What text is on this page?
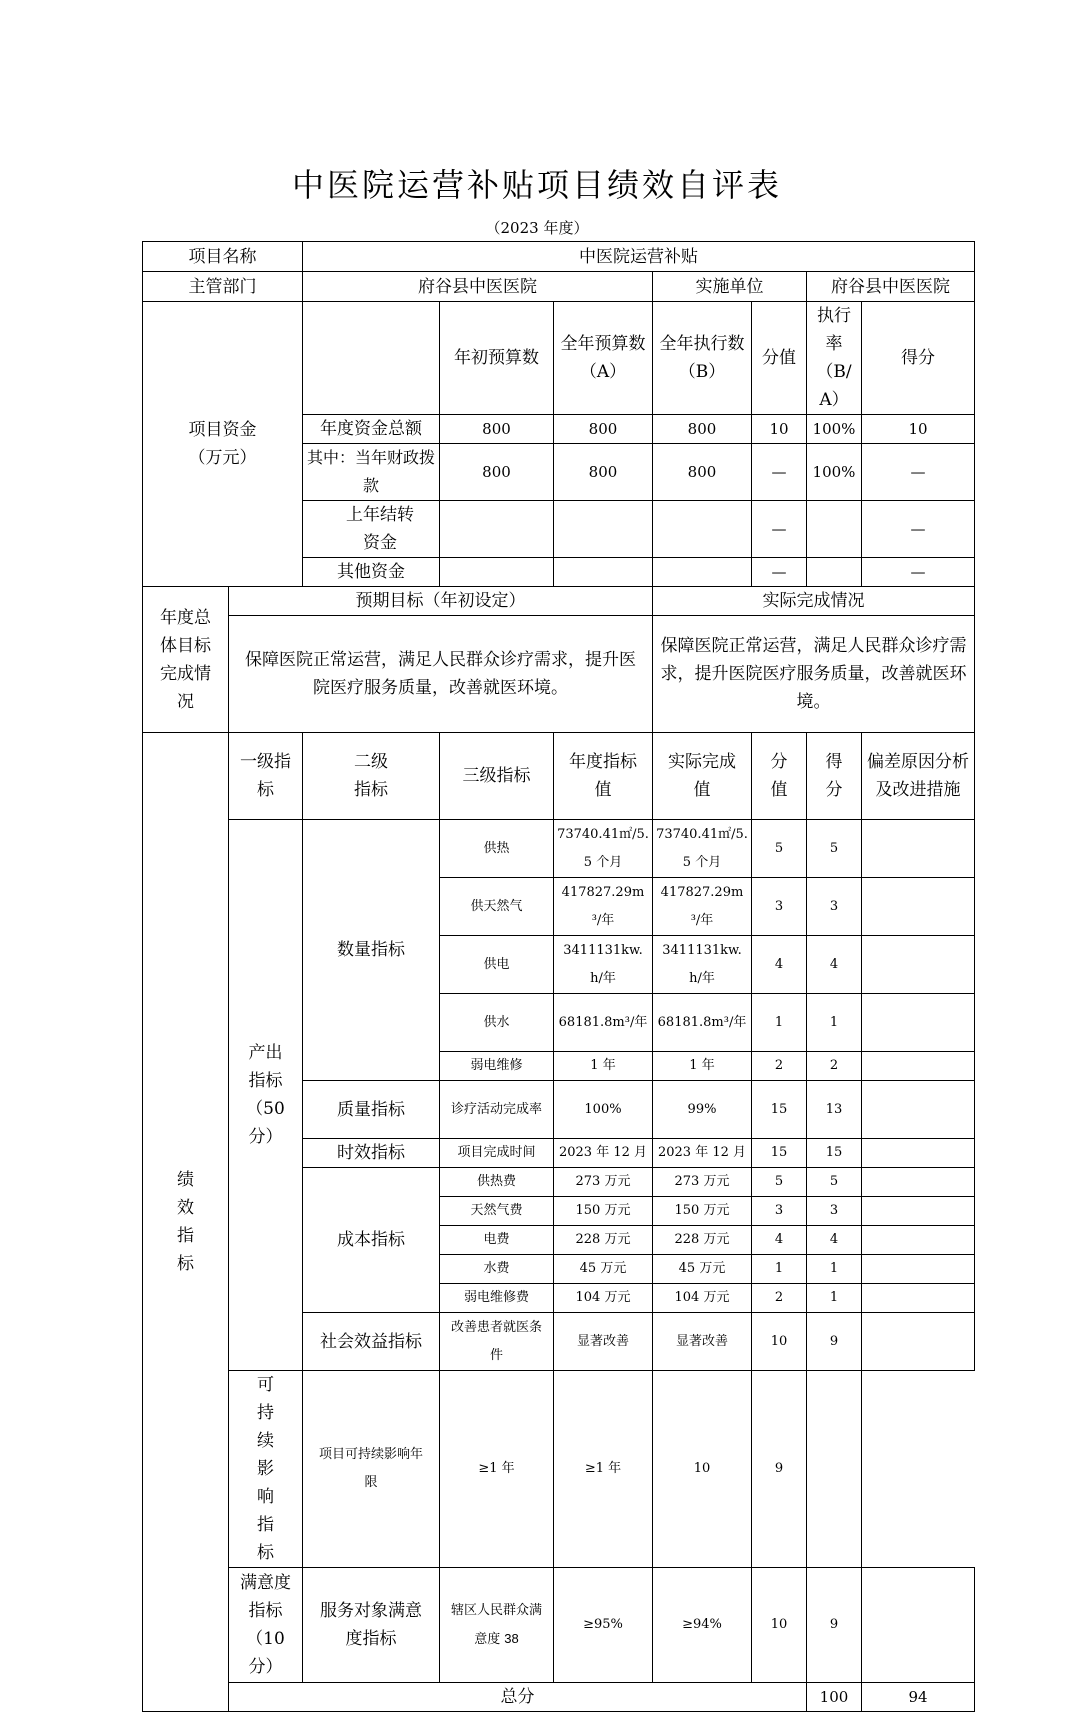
中医院运营补贴项目绩效自评表
（2023 年度）
项目名称		中医院运营补贴							
主管部门		府谷县中医医院			实施单位		府谷县中医医院		
项目资金
（万元）			年初预算数	全年预算数（A）	全年执行数（B）	分值	执行率（B/A）	得分	
		年度资金总额	800	800	800	10	100%	10	
		其中：当年财政拨款	800	800	800	—	100%	—	
		上年结转资金				—		—	
		其他资金				—		—	
年度总体目标完成情况	预期目标（年初设定）				实际完成情况				
	保障医院正常运营，满足人民群众诊疗需求，提升医院医疗服务质量，改善就医环境。				保障医院正常运营，满足人民群众诊疗需求，提升医院医疗服务质量，改善就医环境。				
绩效指标	一级指标	二级指标	三级指标	年度指标值	实际完成值	分值	得分	偏差原因分析及改进措施	
	产出指标（50分）	数量指标	供热	73740.41㎡/5.5 个月	73740.41㎡/5.5 个月	5	5		
			供天然气	417827.29m³/年	417827.29m³/年	3	3		
			供电	3411131kw.h/年	3411131kw.h/年	4	4		
			供水	68181.8m³/年	68181.8m³/年	1	1		
			弱电维修	1 年	1 年	2	2		
		质量指标	诊疗活动完成率	100%	99%	15	13		
		时效指标	项目完成时间	2023 年 12 月	2023 年 12 月	15	15		
		成本指标	供热费	273 万元	273 万元	5	5		
			天然气费	150 万元	150 万元	3	3		
			电费	228 万元	228 万元	4	4		
			水费	45 万元	45 万元	1	1		
			弱电维修费	104 万元	104 万元	2	1		
		社会效益指标	改善患者就医条件	显著改善	显著改善	10	9		
	可持续影响指标	项目可持续影响年限	≥1 年	≥1 年	10	9			
	满意度指标（10分）	服务对象满意度指标	辖区人民群众满意度 38	≥95%	≥94%	10	9		
	总分						100	94	
